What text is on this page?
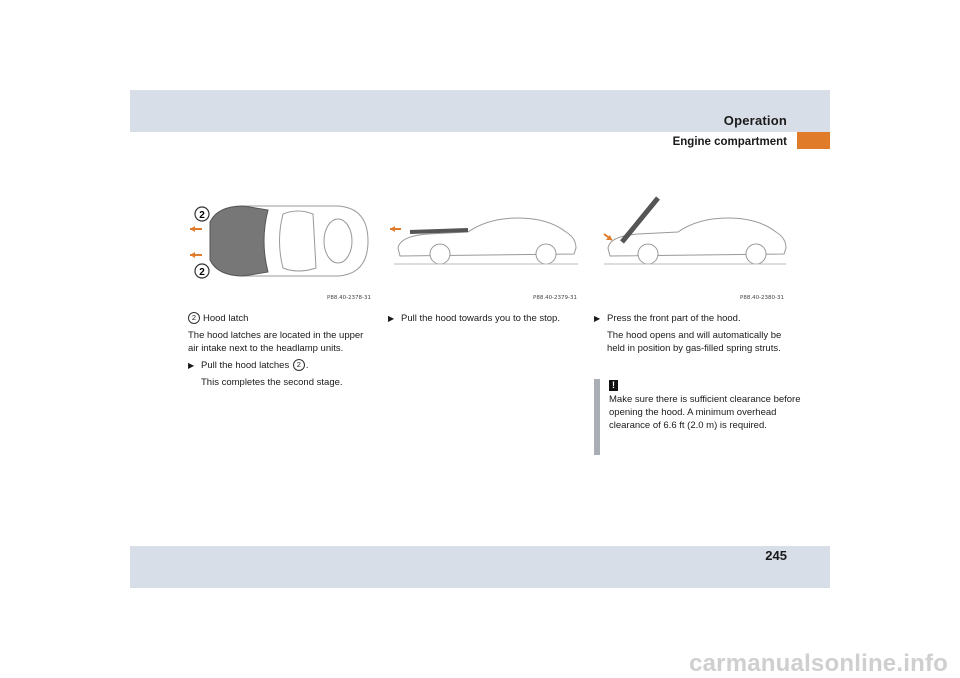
Operation
Engine compartment
2
2
P88.40-2378-31	P88.40-2379-31	P88.40-2380-31

2 Hood latch

The hood latches are located in the upper air intake next to the headlamp units.

▶ Pull the hood latches 2 .

This completes the second stage.

▶ Pull the hood towards you to the stop.	▶ Press the front part of the hood.

The hood opens and will automatically be held in position by gas-filled spring struts.

!
Make sure there is sufficient clearance before opening the hood. A minimum overhead clearance of 6.6 ft (2.0 m) is required.
245
carmanualsonline.info
